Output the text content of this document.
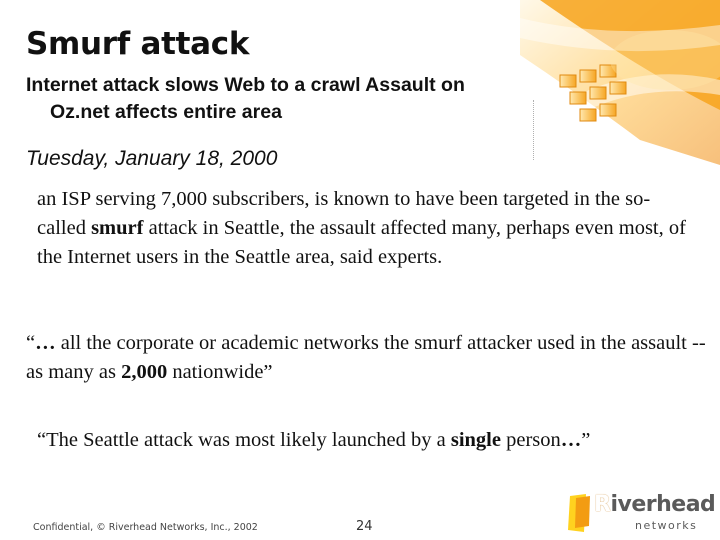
Smurf attack
Internet attack slows Web to a crawl Assault on
Oz.net affects entire area

Tuesday, January 18, 2000

an ISP serving 7,000 subscribers, is known to have been targeted in the so-called smurf attack in Seattle, the assault affected many, perhaps even most, of the Internet users in the Seattle area, said experts.

“… all the corporate or academic networks the smurf attacker used in the assault -- as many as 2,000 nationwide”

“The Seattle attack was most likely launched by a single person…”

Confidential, © Riverhead Networks, Inc., 2002	24
Riverhead
networks
